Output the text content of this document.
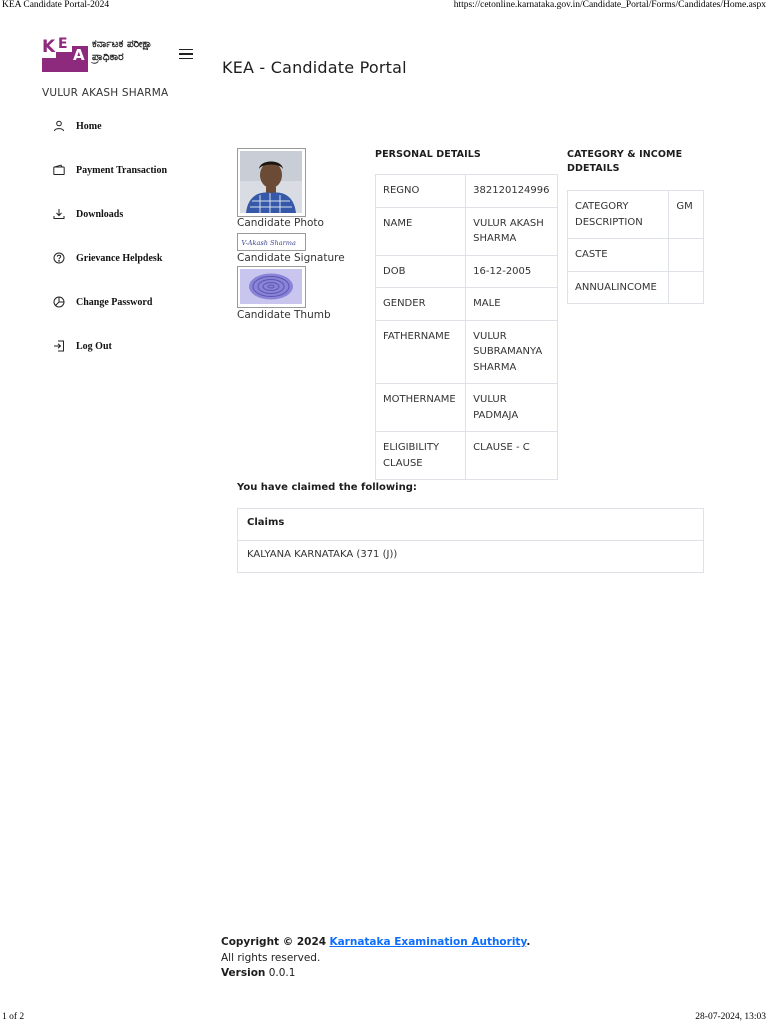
KEA Candidate Portal-2024	https://cetonline.karnataka.gov.in/Candidate_Portal/Forms/Candidates/Home.aspx
K E
A
ಕರ್ನಾಟಕ ಪರೀಕ್ಷಾ
ಪ್ರಾಧಿಕಾರ
KEA - Candidate Portal
VULUR AKASH SHARMA
Home
Payment Transaction
Downloads
Grievance Helpdesk
Change Password
Log Out
Candidate Photo
V-Akash Sharma
Candidate Signature
Candidate Thumb
PERSONAL DETAILS
REGNO	382120124996
NAME	VULUR AKASH SHARMA
DOB	16-12-2005
GENDER	MALE
FATHERNAME	VULUR SUBRAMANYA SHARMA
MOTHERNAME	VULUR PADMAJA
ELIGIBILITY CLAUSE	CLAUSE - C
CATEGORY & INCOME DDETAILS
CATEGORY DESCRIPTION	GM
CASTE	
ANNUALINCOME	
You have claimed the following:
Claims
KALYANA KARNATAKA (371 (J))
Copyright © 2024 Karnataka Examination Authority.
All rights reserved.
Version 0.0.1
1 of 2	28-07-2024, 13:03
